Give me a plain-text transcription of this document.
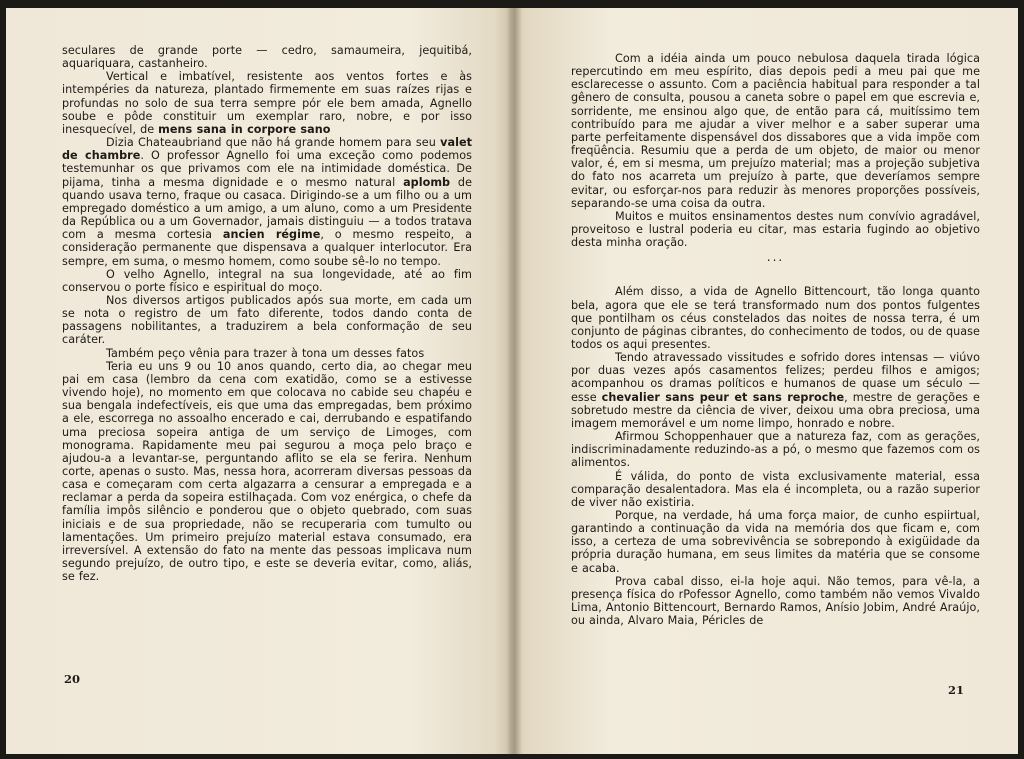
seculares de grande porte — cedro, samaumeira, jequitibá, aquariquara, castanheiro.

Vertical e imbatível, resistente aos ventos fortes e às intempéries da natureza, plantado firmemente em suas raízes rijas e profundas no solo de sua terra sempre pór ele bem amada, Agnello soube e pôde constituir um exemplar raro, nobre, e por isso inesquecível, de mens sana in corpore sano

Dizia Chateaubriand que não há grande homem para seu valet de chambre. O professor Agnello foi uma exceção como podemos testemunhar os que privamos com ele na intimidade doméstica. De pijama, tinha a mesma dignidade e o mesmo natural aplomb de quando usava terno, fraque ou casaca. Dirigindo-se a um filho ou a um empregado doméstico a um amigo, a um aluno, como a um Presidente da República ou a um Governador, jamais distinguiu — a todos tratava com a mesma cortesia ancien régime, o mesmo respeito, a consideração permanente que dispensava a qualquer interlocutor. Era sempre, em suma, o mesmo homem, como soube sê-lo no tempo.

O velho Agnello, integral na sua longevidade, até ao fim conservou o porte físico e espiritual do moço.

Nos diversos artigos publicados após sua morte, em cada um se nota o registro de um fato diferente, todos dando conta de passagens nobilitantes, a traduzirem a bela conformação de seu caráter.

Também peço vênia para trazer à tona um desses fatos

Teria eu uns 9 ou 10 anos quando, certo dia, ao chegar meu pai em casa (lembro da cena com exatidão, como se a estivesse vivendo hoje), no momento em que colocava no cabide seu chapéu e sua bengala indefectíveis, eis que uma das empregadas, bem próximo a ele, escorrega no assoalho encerado e cai, derrubando e espatifando uma preciosa sopeira antiga de um serviço de Limoges, com monograma. Rapidamente meu pai segurou a moça pelo braço e ajudou-a a levantar-se, perguntando aflito se ela se ferira. Nenhum corte, apenas o susto. Mas, nessa hora, acorreram diversas pessoas da casa e começaram com certa algazarra a censurar a empregada e a reclamar a perda da sopeira estilhaçada. Com voz enérgica, o chefe da família impôs silêncio e ponderou que o objeto quebrado, com suas iniciais e de sua propriedade, não se recuperaria com tumulto ou lamentações. Um primeiro prejuízo material estava consumado, era irreversível. A extensão do fato na mente das pessoas implicava num segundo prejuízo, de outro tipo, e este se deveria evitar, como, aliás, se fez.

20

Com a idéia ainda um pouco nebulosa daquela tirada lógica repercutindo em meu espírito, dias depois pedi a meu pai que me esclarecesse o assunto. Com a paciência habitual para responder a tal gênero de consulta, pousou a caneta sobre o papel em que escrevia e, sorridente, me ensinou algo que, de então para cá, muitíssimo tem contribuído para me ajudar a viver melhor e a saber superar uma parte perfeitamente dispensável dos dissabores que a vida impõe com freqüência. Resumiu que a perda de um objeto, de maior ou menor valor, é, em si mesma, um prejuízo material; mas a projeção subjetiva do fato nos acarreta um prejuízo à parte, que deveríamos sempre evitar, ou esforçar-nos para reduzir às menores proporções possíveis, separando-se uma coisa da outra.

Muitos e muitos ensinamentos destes num convívio agradável, proveitoso e lustral poderia eu citar, mas estaria fugindo ao objetivo desta minha oração.

...

Além disso, a vida de Agnello Bittencourt, tão longa quanto bela, agora que ele se terá transformado num dos pontos fulgentes que pontilham os céus constelados das noites de nossa terra, é um conjunto de páginas cibrantes, do conhecimento de todos, ou de quase todos os aqui presentes.

Tendo atravessado vissitudes e sofrido dores intensas — viúvo por duas vezes após casamentos felizes; perdeu filhos e amigos; acompanhou os dramas políticos e humanos de quase um século — esse chevalier sans peur et sans reproche, mestre de gerações e sobretudo mestre da ciência de viver, deixou uma obra preciosa, uma imagem memorável e um nome limpo, honrado e nobre.

Afirmou Schoppenhauer que a natureza faz, com as gerações, indiscriminadamente reduzindo-as a pó, o mesmo que fazemos com os alimentos.

É válida, do ponto de vista exclusivamente material, essa comparação desalentadora. Mas ela é incompleta, ou a razão superior de viver não existiria.

Porque, na verdade, há uma força maior, de cunho espiirtual, garantindo a continuação da vida na memória dos que ficam e, com isso, a certeza de uma sobrevivência se sobrepondo à exigüidade da própria duração humana, em seus limites da matéria que se consome e acaba.

Prova cabal disso, ei-la hoje aqui. Não temos, para vê-la, a presença física do rPofessor Agnello, como também não vemos Vivaldo Lima, Antonio Bittencourt, Bernardo Ramos, Anísio Jobim, André Araújo, ou ainda, Alvaro Maia, Péricles de

21
